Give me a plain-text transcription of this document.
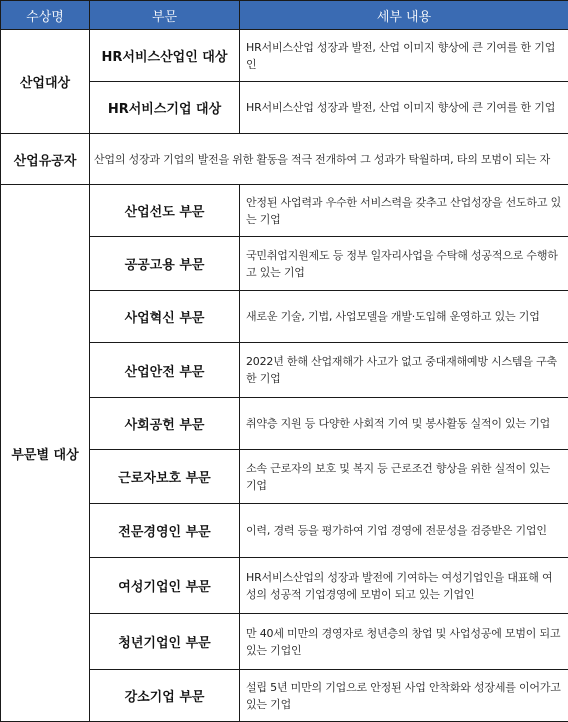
수상명	부문	세부 내용
산업대상	HR서비스산업인 대상	HR서비스산업 성장과 발전, 산업 이미지 향상에 큰 기여를 한 기업인
	HR서비스기업 대상	HR서비스산업 성장과 발전, 산업 이미지 향상에 큰 기여를 한 기업
산업유공자	산업의 성장과 기업의 발전을 위한 활동을 적극 전개하여 그 성과가 탁월하며, 타의 모범이 되는 자	
부문별 대상	산업선도 부문	안정된 사업력과 우수한 서비스력을 갖추고 산업성장을 선도하고 있는 기업
	공공고용 부문	국민취업지원제도 등 정부 일자리사업을 수탁해 성공적으로 수행하고 있는 기업
	사업혁신 부문	새로운 기술, 기법, 사업모델을 개발·도입해 운영하고 있는 기업
	산업안전 부문	2022년 한해 산업재해가 사고가 없고 중대재해예방 시스템을 구축한 기업
	사회공헌 부문	취약층 지원 등 다양한 사회적 기여 및 봉사활동 실적이 있는 기업
	근로자보호 부문	소속 근로자의 보호 및 복지 등 근로조건 향상을 위한 실적이 있는 기업
	전문경영인 부문	이력, 경력 등을 평가하여 기업 경영에 전문성을 검증받은 기업인
	여성기업인 부문	HR서비스산업의 성장과 발전에 기여하는 여성기업인을 대표해 여성의 성공적 기업경영에 모범이 되고 있는 기업인
	청년기업인 부문	만 40세 미만의 경영자로 청년층의 창업 및 사업성공에 모범이 되고 있는 기업인
	강소기업 부문	설립 5년 미만의 기업으로 안정된 사업 안착화와 성장세를 이어가고 있는 기업
